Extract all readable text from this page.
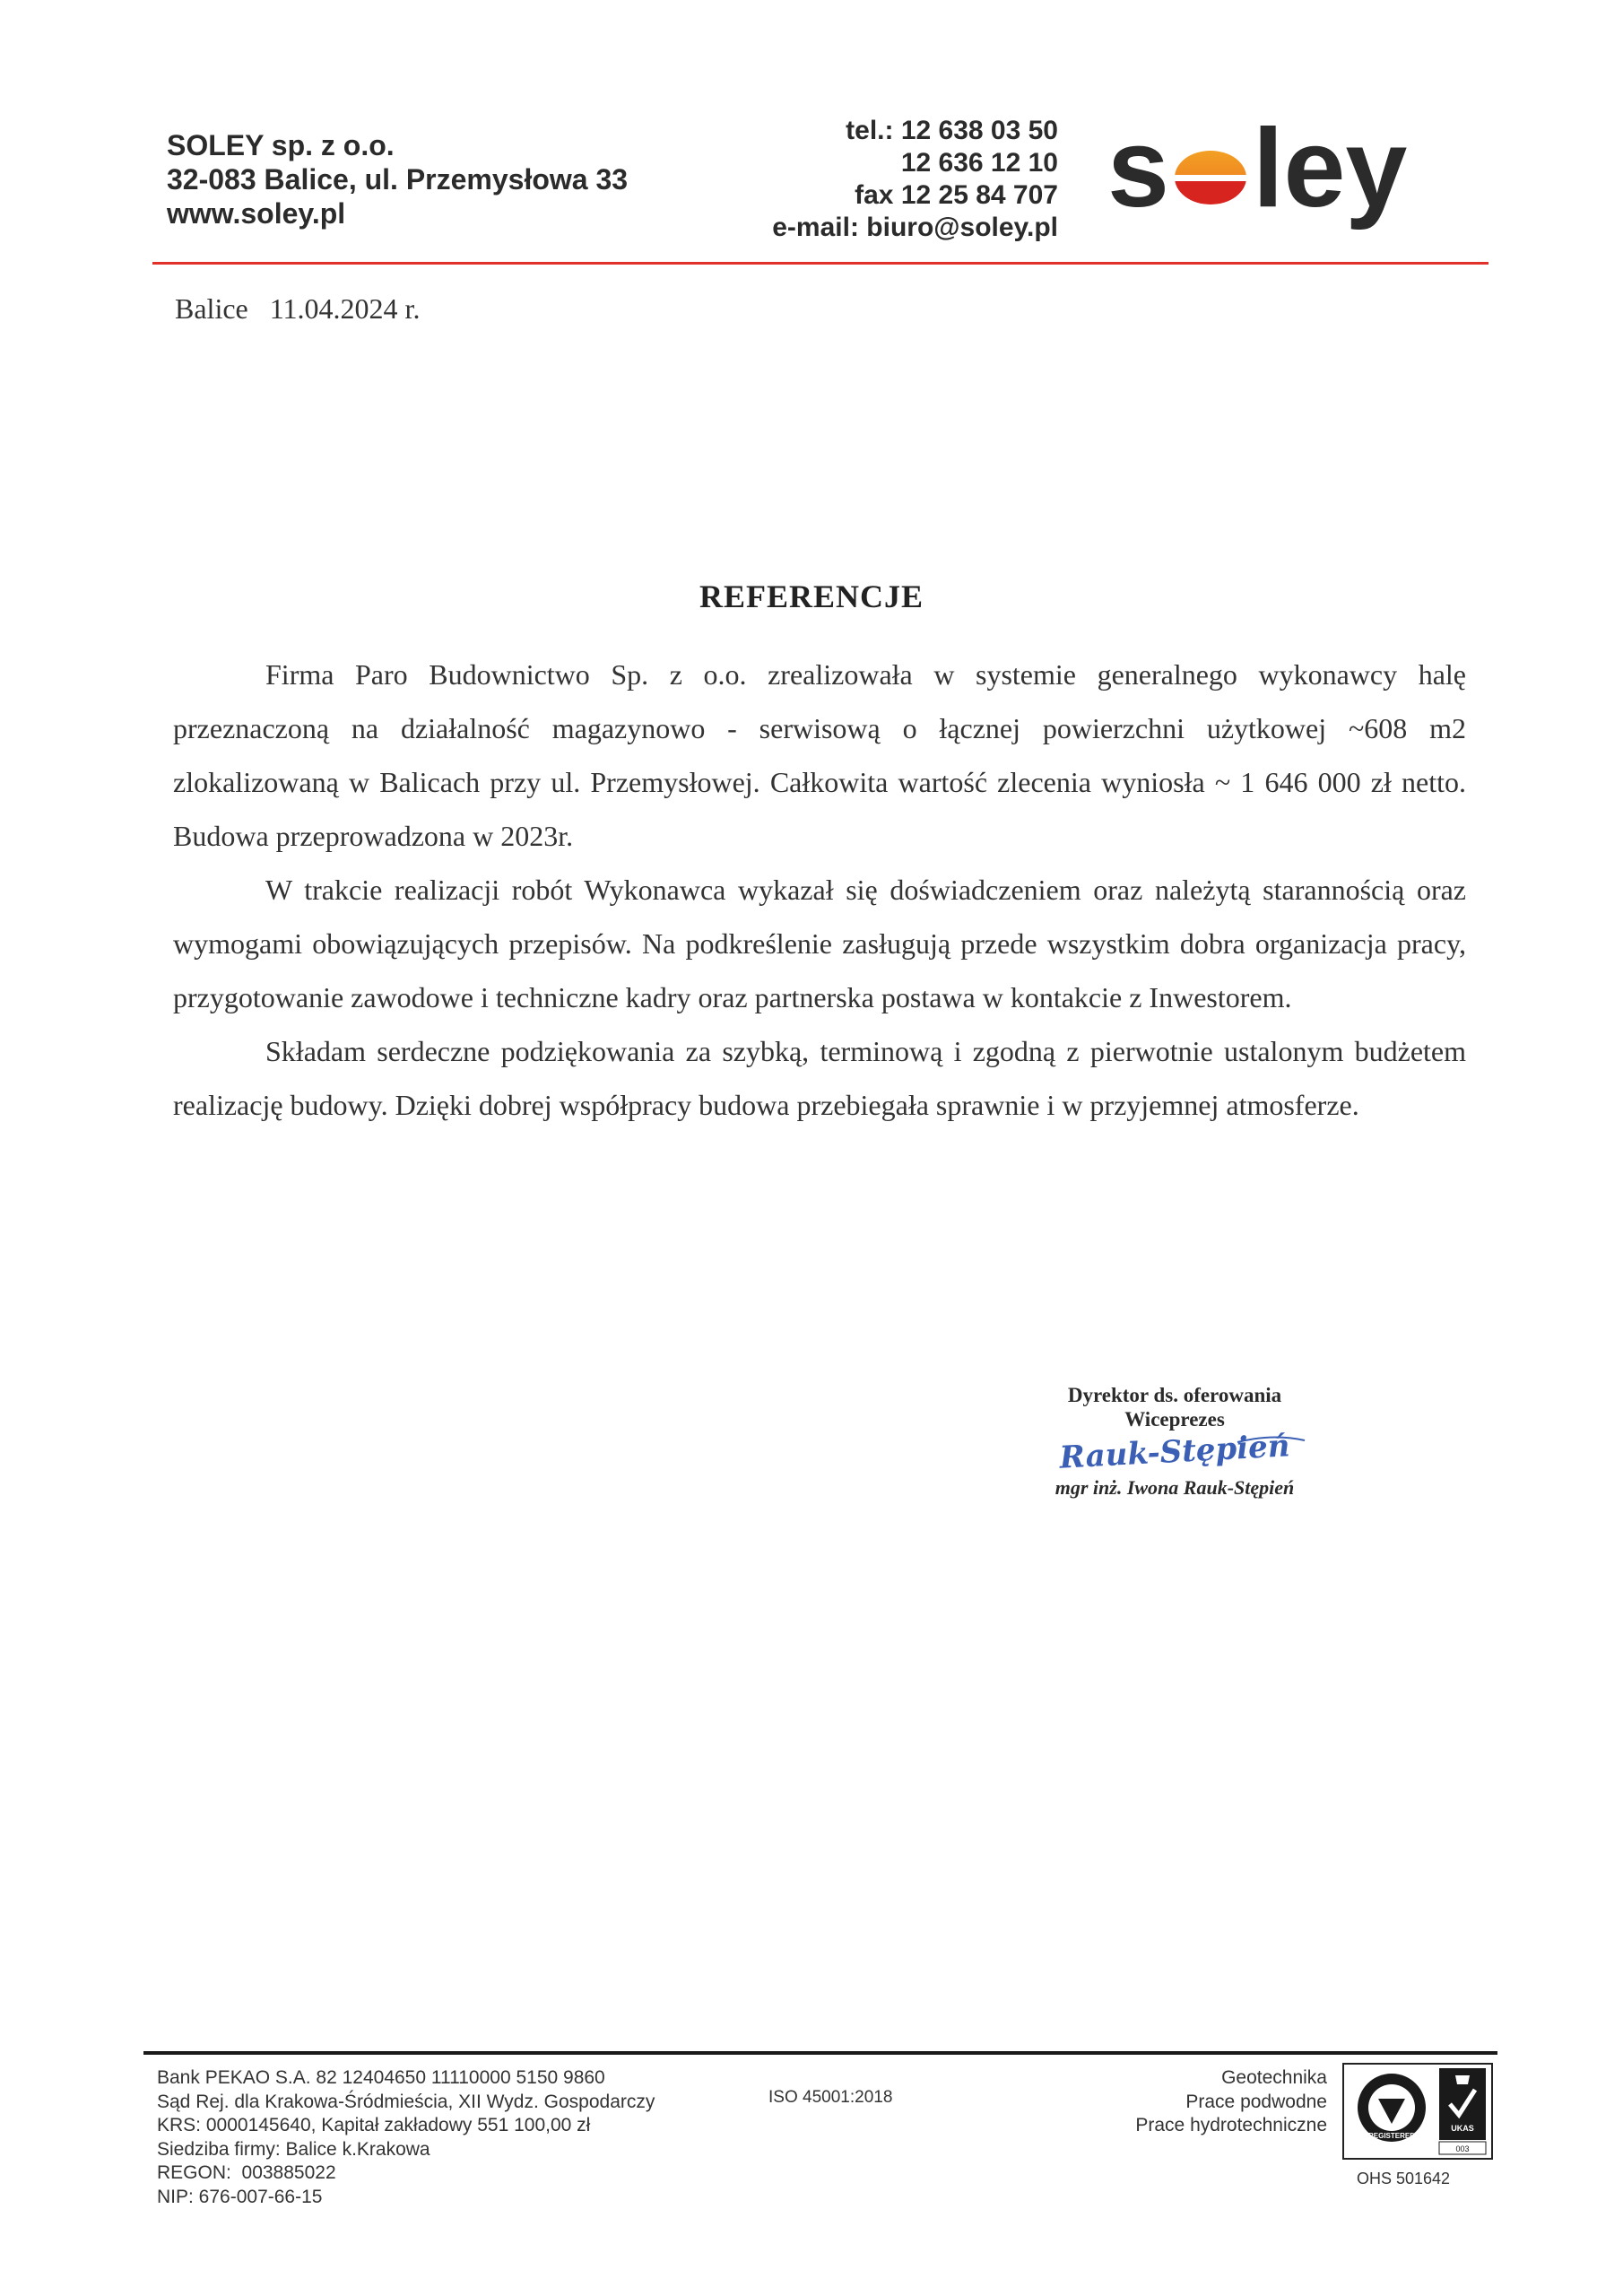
SOLEY sp. z o.o.
32-083 Balice, ul. Przemysłowa 33
www.soley.pl
tel.: 12 638 03 50
12 636 12 10
fax 12 25 84 707
e-mail: biuro@soley.pl s ley
Balice   11.04.2024 r.
REFERENCJE

Firma Paro Budownictwo Sp. z o.o. zrealizowała w systemie generalnego wykonawcy halę przeznaczoną na działalność magazynowo - serwisową o łącznej powierzchni użytkowej ~608 m2 zlokalizowaną w Balicach przy ul. Przemysłowej. Całkowita wartość zlecenia wyniosła ~ 1 646 000 zł netto. Budowa przeprowadzona w 2023r.

W trakcie realizacji robót Wykonawca wykazał się doświadczeniem oraz należytą starannością oraz wymogami obowiązujących przepisów. Na podkreślenie zasługują przede wszystkim dobra organizacja pracy, przygotowanie zawodowe i techniczne kadry oraz partnerska postawa w kontakcie z Inwestorem.

Składam serdeczne podziękowania za szybką, terminową i zgodną z pierwotnie ustalonym budżetem realizację budowy. Dzięki dobrej współpracy budowa przebiegała sprawnie i w przyjemnej atmosferze.

Dyrektor ds. oferowania
Wiceprezes
Rauk-Stępień
mgr inż. Iwona Rauk-Stępień
Bank PEKAO S.A. 82 12404650 11110000 5150 9860
Sąd Rej. dla Krakowa-Śródmieścia, XII Wydz. Gospodarczy
KRS: 0000145640, Kapitał zakładowy 551 100,00 zł
Siedziba firmy: Balice k.Krakowa
REGON:  003885022
NIP: 676-007-66-15
ISO 45001:2018
Geotechnika
Prace podwodne
Prace hydrotechniczne
REGISTERED
UKAS
003
OHS 501642
